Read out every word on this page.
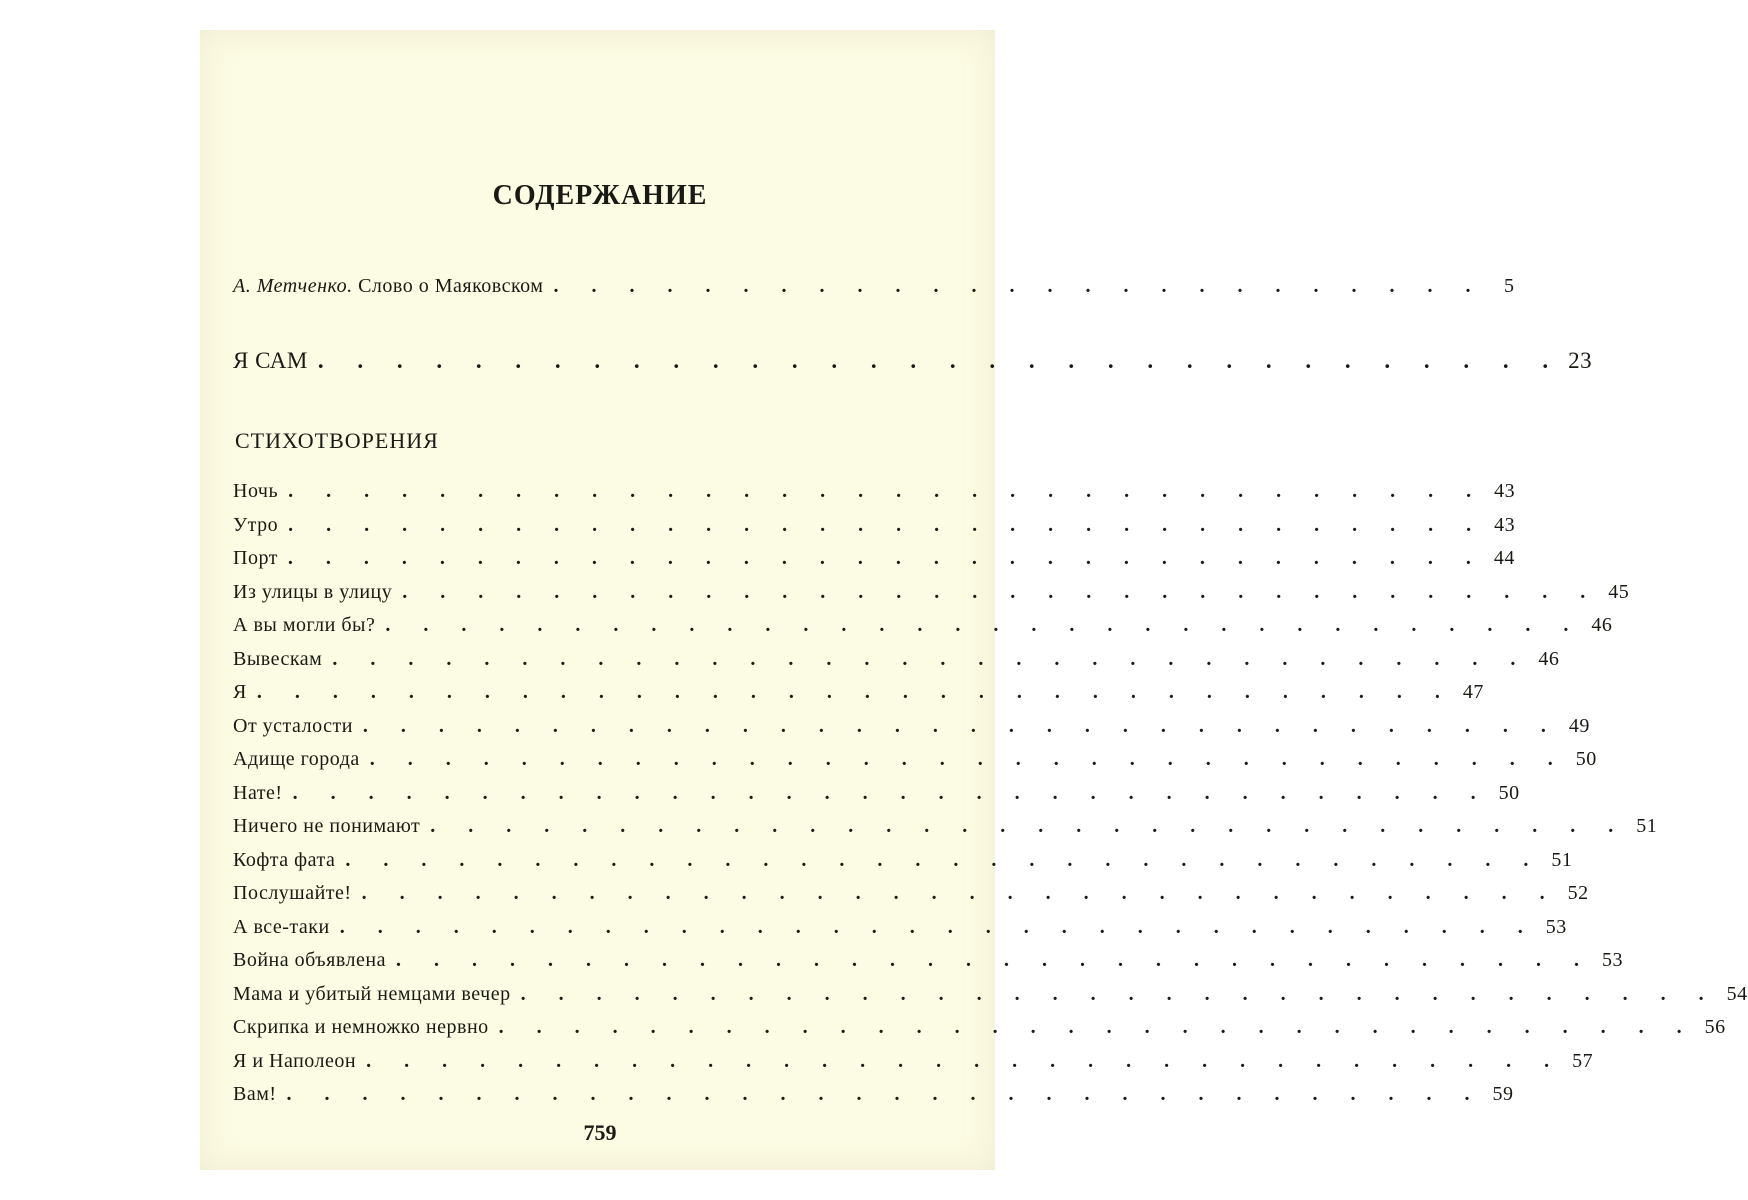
СОДЕРЖАНИЕ
А. Метченко. Слово о Маяковском . . . . . . . . . . . . . . . . . . . . . . . . . 5
Я САМ . . . . . . . . . . . . . . . . . . . . . . . . . . . . . . . . 23
СТИХОТВОРЕНИЯ
Ночь . . . . . . . . . . . . . . . . . . . . . . . . . . . . . . . . 43
Утро . . . . . . . . . . . . . . . . . . . . . . . . . . . . . . . . 43
Порт . . . . . . . . . . . . . . . . . . . . . . . . . . . . . . . . 44
Из улицы в улицу . . . . . . . . . . . . . . . . . . . . . . . . . . . . . . . . 45
А вы могли бы? . . . . . . . . . . . . . . . . . . . . . . . . . . . . . . . . 46
Вывескам . . . . . . . . . . . . . . . . . . . . . . . . . . . . . . . . 46
Я . . . . . . . . . . . . . . . . . . . . . . . . . . . . . . . . 47
От усталости . . . . . . . . . . . . . . . . . . . . . . . . . . . . . . . . 49
Адище города . . . . . . . . . . . . . . . . . . . . . . . . . . . . . . . . 50
Нате! . . . . . . . . . . . . . . . . . . . . . . . . . . . . . . . . 50
Ничего не понимают . . . . . . . . . . . . . . . . . . . . . . . . . . . . . . . . 51
Кофта фата . . . . . . . . . . . . . . . . . . . . . . . . . . . . . . . . 51
Послушайте! . . . . . . . . . . . . . . . . . . . . . . . . . . . . . . . . 52
А все-таки . . . . . . . . . . . . . . . . . . . . . . . . . . . . . . . . 53
Война объявлена . . . . . . . . . . . . . . . . . . . . . . . . . . . . . . . . 53
Мама и убитый немцами вечер . . . . . . . . . . . . . . . . . . . . . . . . . . . . . . . . 54
Скрипка и немножко нервно . . . . . . . . . . . . . . . . . . . . . . . . . . . . . . . . 56
Я и Наполеон . . . . . . . . . . . . . . . . . . . . . . . . . . . . . . . . 57
Вам! . . . . . . . . . . . . . . . . . . . . . . . . . . . . . . . . 59
759
